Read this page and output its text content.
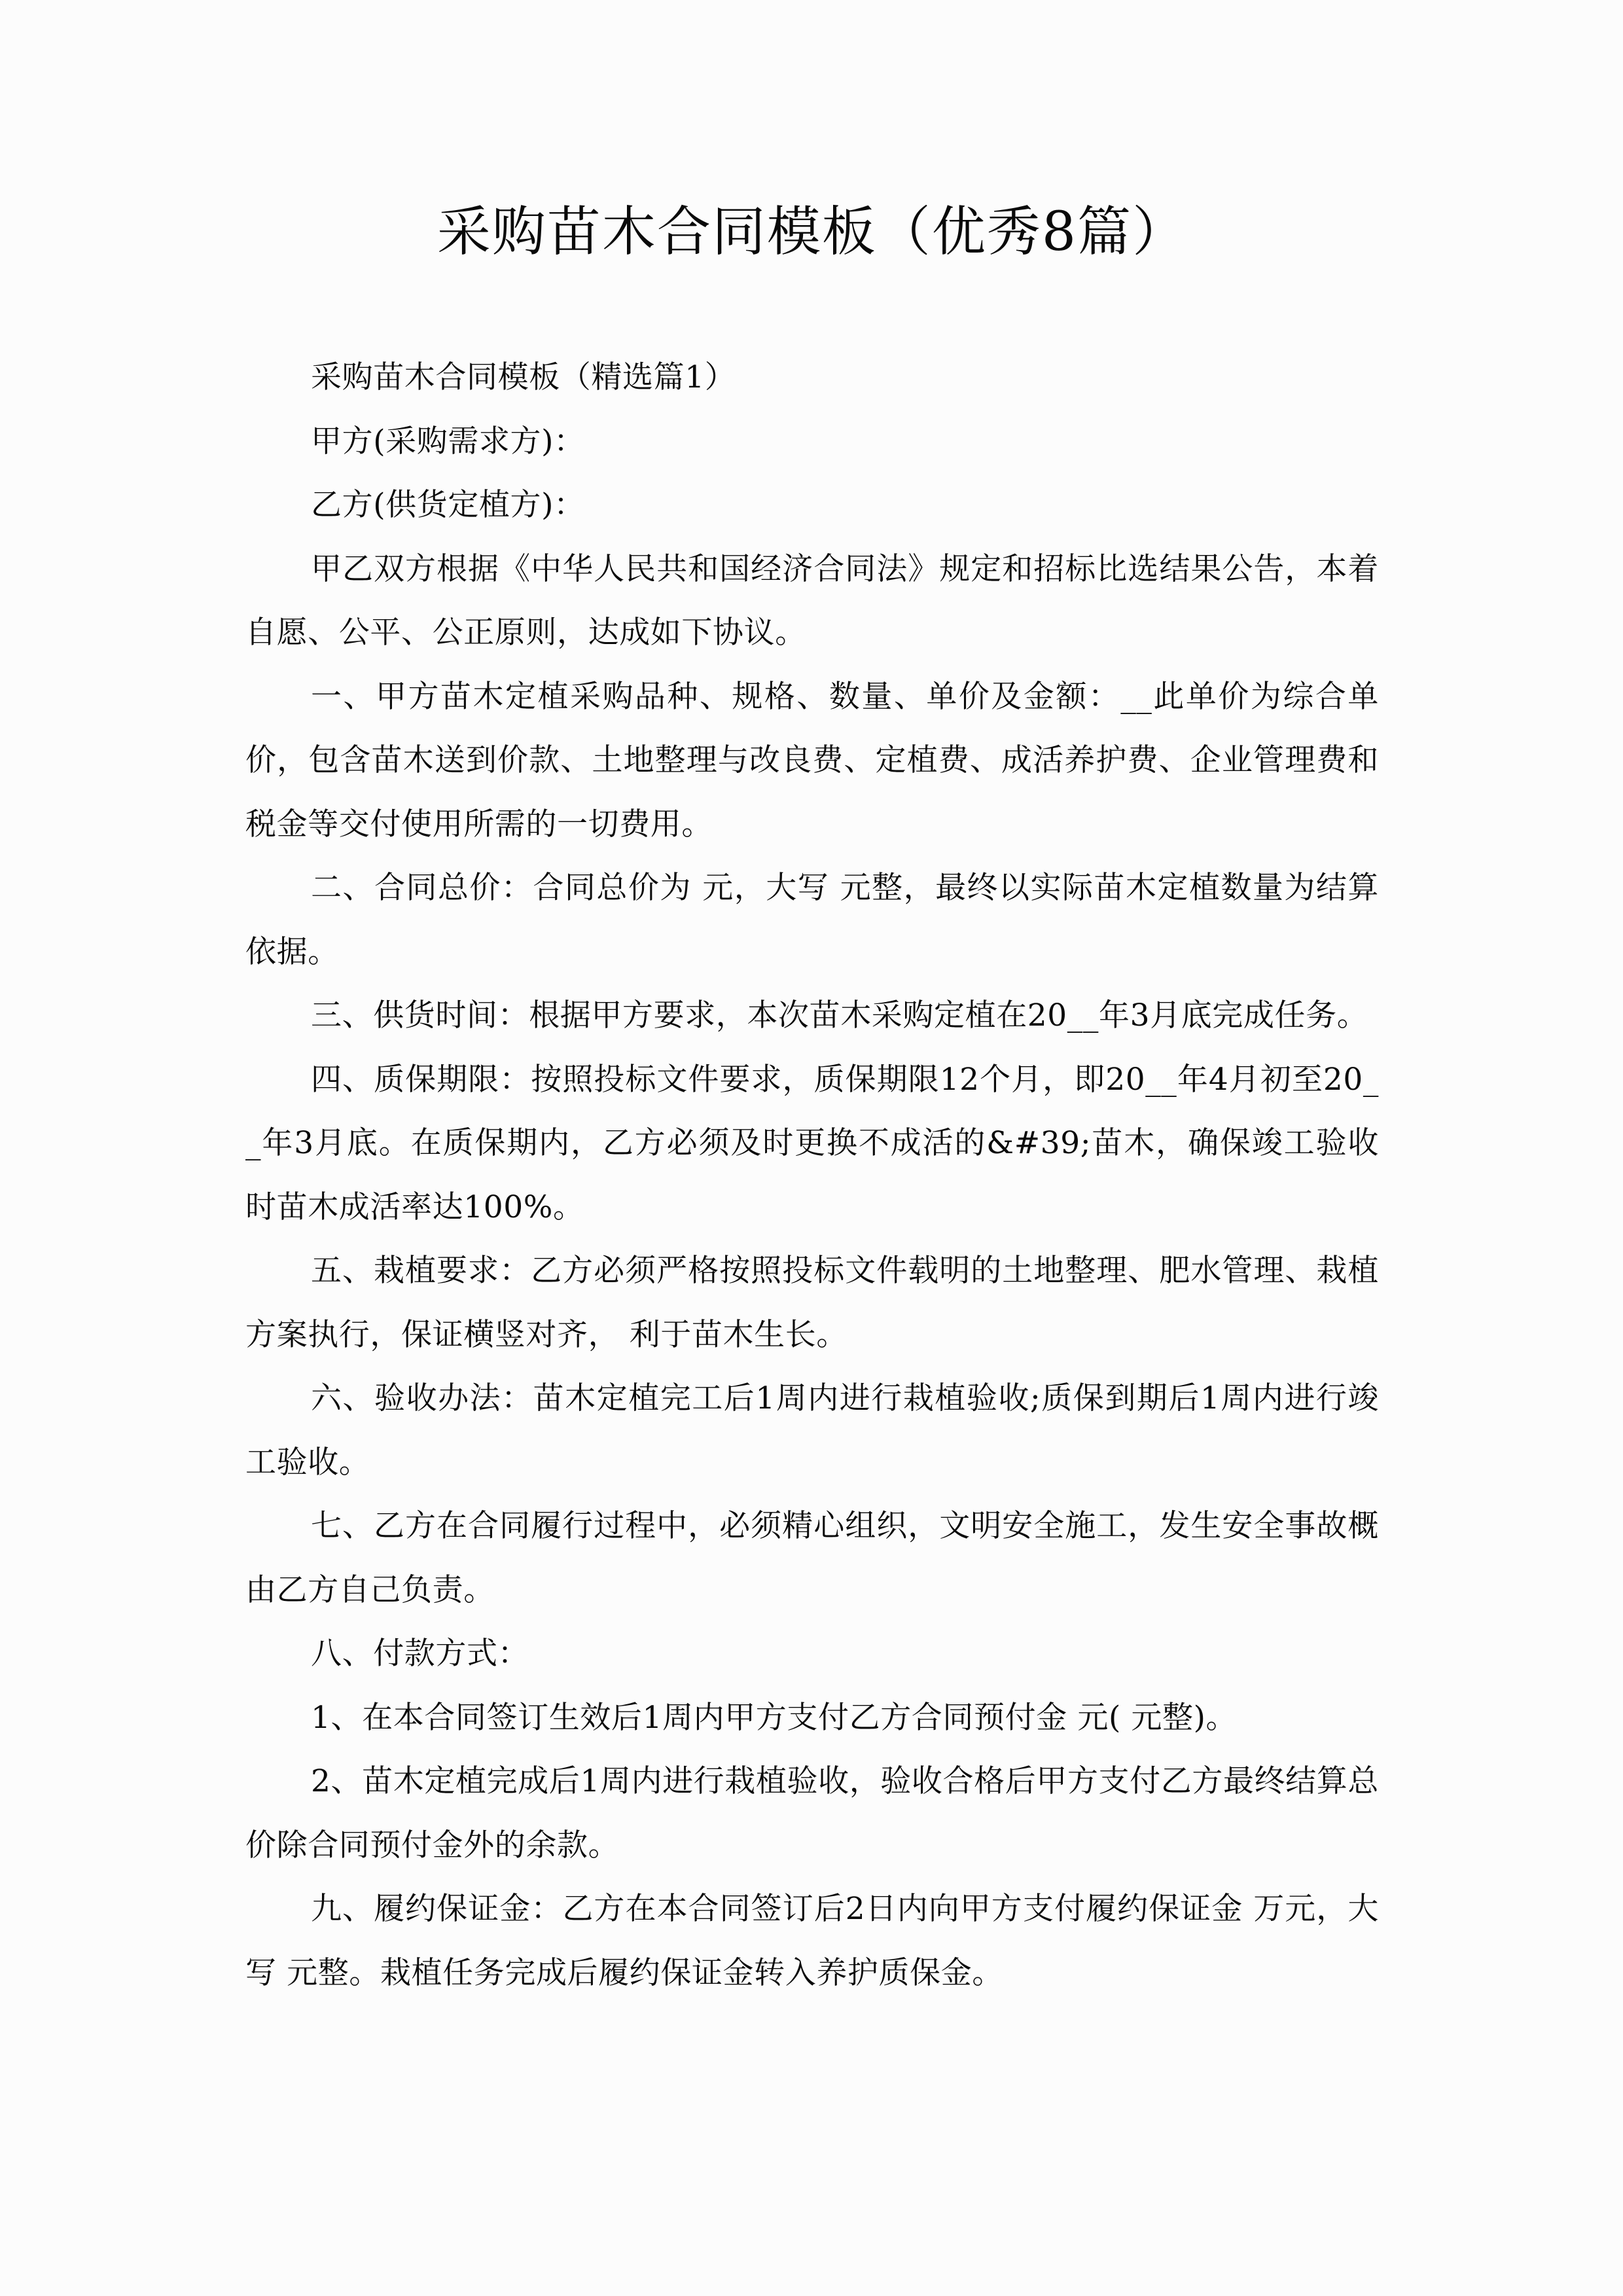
采购苗木合同模板（优秀8篇）

采购苗木合同模板（精选篇1）

甲方(采购需求方)：

乙方(供货定植方)：

甲乙双方根据《中华人民共和国经济合同法》规定和招标比选结果公告，本着自愿、公平、公正原则，达成如下协议。

一、甲方苗木定植采购品种、规格、数量、单价及金额：__此单价为综合单价，包含苗木送到价款、土地整理与改良费、定植费、成活养护费、企业管理费和税金等交付使用所需的一切费用。

二、合同总价：合同总价为 元，大写 元整，最终以实际苗木定植数量为结算依据。

三、供货时间：根据甲方要求，本次苗木采购定植在20__年3月底完成任务。

四、质保期限：按照投标文件要求，质保期限12个月，即20__年4月初至20__年3月底。在质保期内，乙方必须及时更换不成活的&#39;苗木，确保竣工验收时苗木成活率达100%。

五、栽植要求：乙方必须严格按照投标文件载明的土地整理、肥水管理、栽植方案执行，保证横竖对齐， 利于苗木生长。

六、验收办法：苗木定植完工后1周内进行栽植验收;质保到期后1周内进行竣工验收。

七、乙方在合同履行过程中，必须精心组织，文明安全施工，发生安全事故概由乙方自己负责。

八、付款方式：

1、在本合同签订生效后1周内甲方支付乙方合同预付金 元( 元整)。

2、苗木定植完成后1周内进行栽植验收，验收合格后甲方支付乙方最终结算总价除合同预付金外的余款。

九、履约保证金：乙方在本合同签订后2日内向甲方支付履约保证金 万元，大写 元整。栽植任务完成后履约保证金转入养护质保金。
